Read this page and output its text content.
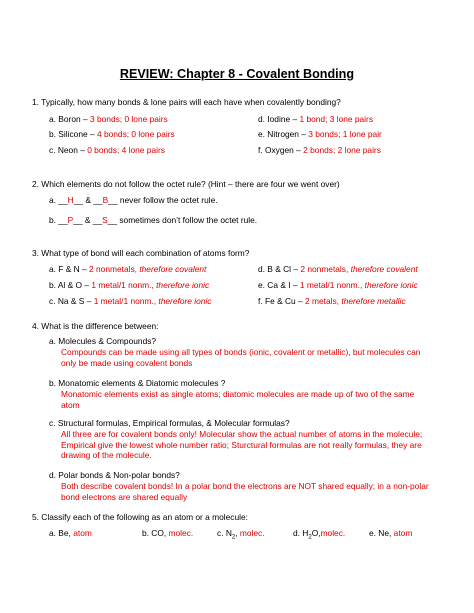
REVIEW: Chapter 8 - Covalent Bonding
1. Typically, how many bonds & lone pairs will each have when covalently bonding?
a. Boron – 3 bonds; 0 lone pairs
b. Silicone – 4 bonds; 0 lone pairs
c. Neon – 0 bonds; 4 lone pairs
d. Iodine – 1 bond; 3 lone pairs
e. Nitrogen – 3 bonds; 1 lone pair
f. Oxygen – 2 bonds; 2 lone pairs
2. Which elements do not follow the octet rule? (Hint – there are four we went over)
a. __H__ & __B__ never follow the octet rule.
b. __P__ & __S__ sometimes don’t follow the octet rule.
3. What type of bond will each combination of atoms form?
a. F & N – 2 nonmetals, therefore covalent
b. Al & O – 1 metal/1 nonm., therefore ionic
c. Na & S – 1 metal/1 nonm., therefore ionic
d. B & Cl – 2 nonmetals, therefore covalent
e. Ca & I – 1 metal/1 nonm., therefore ionic
f. Fe & Cu – 2 metals, therefore metallic
4. What is the difference between:
a. Molecules & Compounds?
Compounds can be made using all types of bonds (ionic, covalent or metallic), but molecules can only be made using covalent bonds
b. Monatomic elements & Diatomic molecules ?
Monatomic elements exist as single atoms; diatomic molecules are made up of two of the same atom
c. Structural formulas, Empirical formulas, & Molecular formulas?
All three are for covalent bonds only! Molecular show the actual number of atoms in the molecule; Empirical give the lowest whole number ratio; Sturctural formulas are not really formulas, they are drawing of the molecule.
d. Polar bonds & Non-polar bonds?
Both describe covalent bonds! In a polar bond the electrons are NOT shared equally; in a non-polar bond electrons are shared equally
5. Classify each of the following as an atom or a molecule:
a. Be, atom	b. CO, molec.	c. $N_2$, molec.	d. $H_2O,molec$.	e. Ne, atom
